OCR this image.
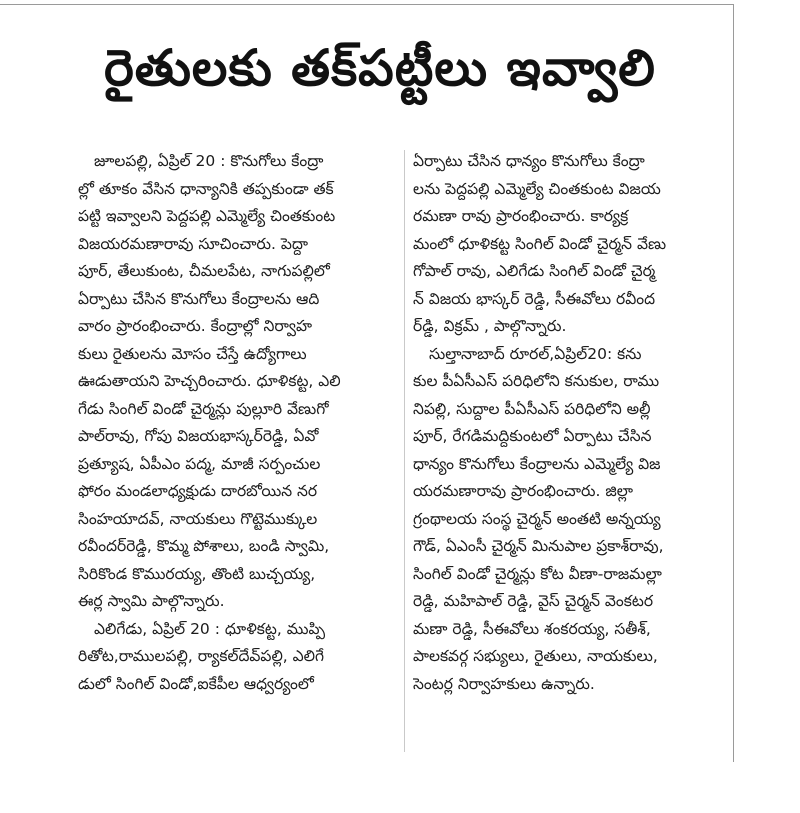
రైతులకు తక్‌పట్టీలు ఇవ్వాలి
జూలపల్లి, ఏప్రిల్ 20 : కొనుగోలు కేంద్రా
ల్లో తూకం వేసిన ధాన్యానికి తప్పకుండా తక్
పట్టి ఇవ్వాలని పెద్దపల్లి ఎమ్మెల్యే చింతకుంట
విజయరమణారావు సూచించారు. పెద్దా
పూర్, తేలుకుంట, చీమలపేట, నాగుపల్లిలో
ఏర్పాటు చేసిన కొనుగోలు కేంద్రాలను ఆది
వారం ప్రారంభించారు. కేంద్రాల్లో నిర్వాహ
కులు రైతులను మోసం చేస్తే ఉద్యోగాలు
ఊడుతాయని హెచ్చరించారు. ధూళికట్ట, ఎలి
గేడు సింగిల్ విండో చైర్మన్లు పుల్లూరి వేణుగో
పాల్‌రావు, గోపు విజయభాస్కర్‌రెడ్డి, ఏవో
ప్రత్యూష, ఏపీఎం పద్మ, మాజీ సర్పంచుల
ఫోరం మండలాధ్యక్షుడు దారబోయిన నర
సింహయాదవ్, నాయకులు గొట్టెముక్కుల
రవీందర్‌రెడ్డి, కొమ్మ పోశాలు, బండి స్వామి,
సిరికొండ కొమురయ్య, తొంటి బుచ్చయ్య,
ఈర్ల స్వామి పాల్గొన్నారు.
ఎలిగేడు, ఏప్రిల్ 20 : ధూళికట్ట, ముప్పి
రితోట,రాములపల్లి, ర్యాకల్‌దేవ్‌పల్లి, ఎలిగే
డులో సింగిల్ విండో,ఐకేపీల ఆధ్వర్యంలో
ఏర్పాటు చేసిన ధాన్యం కొనుగోలు కేంద్రా
లను పెద్దపల్లి ఎమ్మెల్యే చింతకుంట విజయ
రమణా రావు ప్రారంభించారు. కార్యక్ర
మంలో ధూళికట్ట సింగిల్ విండో చైర్మన్ వేణు
గోపాల్ రావు, ఎలిగేడు సింగిల్ విండో చైర్మ
న్ విజయ భాస్కర్ రెడ్డి, సీఈవోలు రవీంద
ర్‌డ్డి, విక్రమ్ , పాల్గొన్నారు.
సుల్తానాబాద్ రూరల్,ఏప్రిల్20: కను
కుల పీఏసీఎస్ పరిధిలోని కనుకుల, రాము
నిపల్లి, సుద్దాల పీఏసీఎస్ పరిధిలోని అల్లీ
పూర్, రేగడిమద్దికుంటలో ఏర్పాటు చేసిన
ధాన్యం కొనుగోలు కేంద్రాలను ఎమ్మెల్యే విజ
యరమణారావు ప్రారంభించారు. జిల్లా
గ్రంథాలయ సంస్థ చైర్మన్ అంతటి అన్నయ్య
గౌడ్, ఏఎంసీ చైర్మన్ మినుపాల ప్రకాశ్‌రావు,
సింగిల్ విండో చైర్మన్లు కోట వీణా-రాజమల్లా
రెడ్డి, మహిపాల్ రెడ్డి, వైస్ చైర్మన్ వెంకటర
మణా రెడ్డి, సీఈవోలు శంకరయ్య, సతీశ్,
పాలకవర్గ సభ్యులు, రైతులు, నాయకులు,
సెంటర్ల నిర్వాహకులు ఉన్నారు.
